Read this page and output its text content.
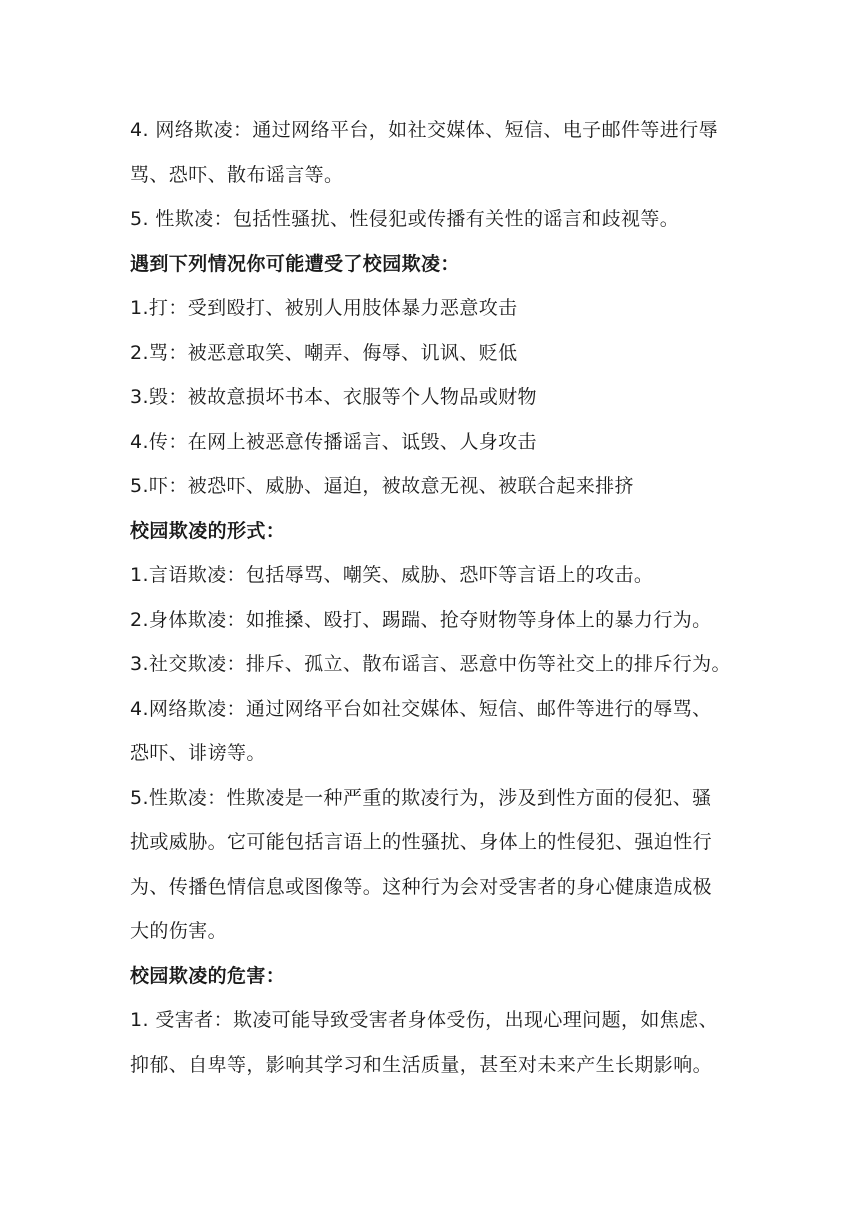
4. 网络欺凌：通过网络平台，如社交媒体、短信、电子邮件等进行辱
骂、恐吓、散布谣言等。
5. 性欺凌：包括性骚扰、性侵犯或传播有关性的谣言和歧视等。
遇到下列情况你可能遭受了校园欺凌：
1.打：受到殴打、被别人用肢体暴力恶意攻击
2.骂：被恶意取笑、嘲弄、侮辱、讥讽、贬低
3.毁：被故意损坏书本、衣服等个人物品或财物
4.传：在网上被恶意传播谣言、诋毁、人身攻击
5.吓：被恐吓、威胁、逼迫，被故意无视、被联合起来排挤
校园欺凌的形式：
1.言语欺凌：包括辱骂、嘲笑、威胁、恐吓等言语上的攻击。
2.身体欺凌：如推搡、殴打、踢踹、抢夺财物等身体上的暴力行为。
3.社交欺凌：排斥、孤立、散布谣言、恶意中伤等社交上的排斥行为。
4.网络欺凌：通过网络平台如社交媒体、短信、邮件等进行的辱骂、
恐吓、诽谤等。
5.性欺凌：性欺凌是一种严重的欺凌行为，涉及到性方面的侵犯、骚
扰或威胁。它可能包括言语上的性骚扰、身体上的性侵犯、强迫性行
为、传播色情信息或图像等。这种行为会对受害者的身心健康造成极
大的伤害。
校园欺凌的危害：
1. 受害者：欺凌可能导致受害者身体受伤，出现心理问题，如焦虑、
抑郁、自卑等，影响其学习和生活质量，甚至对未来产生长期影响。
